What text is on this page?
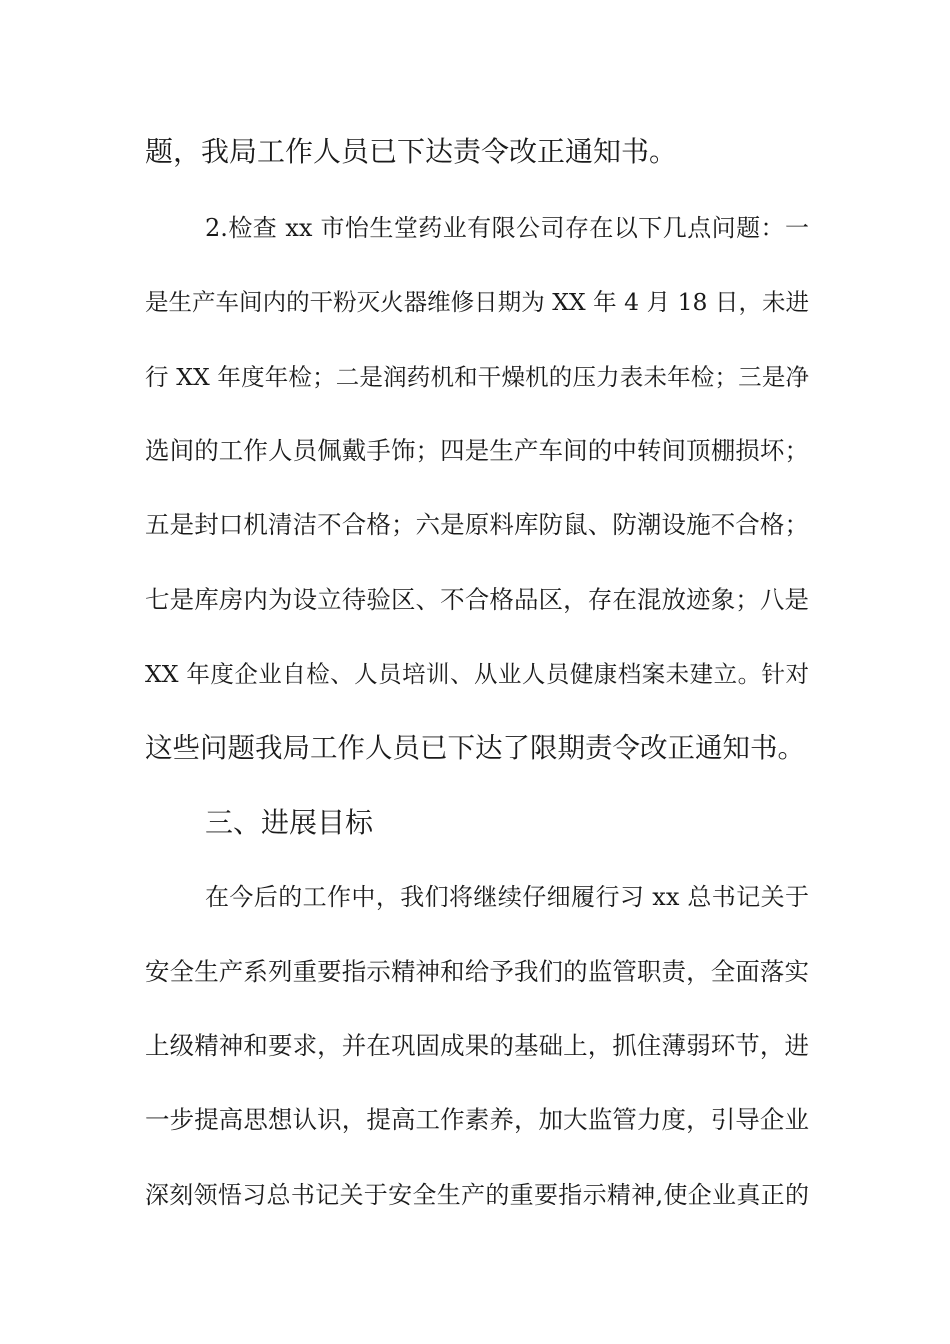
题，我局工作人员已下达责令改正通知书。
2.检查 xx 市怡生堂药业有限公司存在以下几点问题：一
是生产车间内的干粉灭火器维修日期为 XX 年 4 月 18 日，未进
行 XX 年度年检；二是润药机和干燥机的压力表未年检；三是净
选间的工作人员佩戴手饰；四是生产车间的中转间顶棚损坏；
五是封口机清洁不合格；六是原料库防鼠、防潮设施不合格；
七是库房内为设立待验区、不合格品区，存在混放迹象；八是
XX 年度企业自检、人员培训、从业人员健康档案未建立。针对
这些问题我局工作人员已下达了限期责令改正通知书。
三、进展目标
在今后的工作中，我们将继续仔细履行习 xx 总书记关于
安全生产系列重要指示精神和给予我们的监管职责，全面落实
上级精神和要求，并在巩固成果的基础上，抓住薄弱环节，进
一步提高思想认识，提高工作素养，加大监管力度，引导企业
深刻领悟习总书记关于安全生产的重要指示精神,使企业真正的
